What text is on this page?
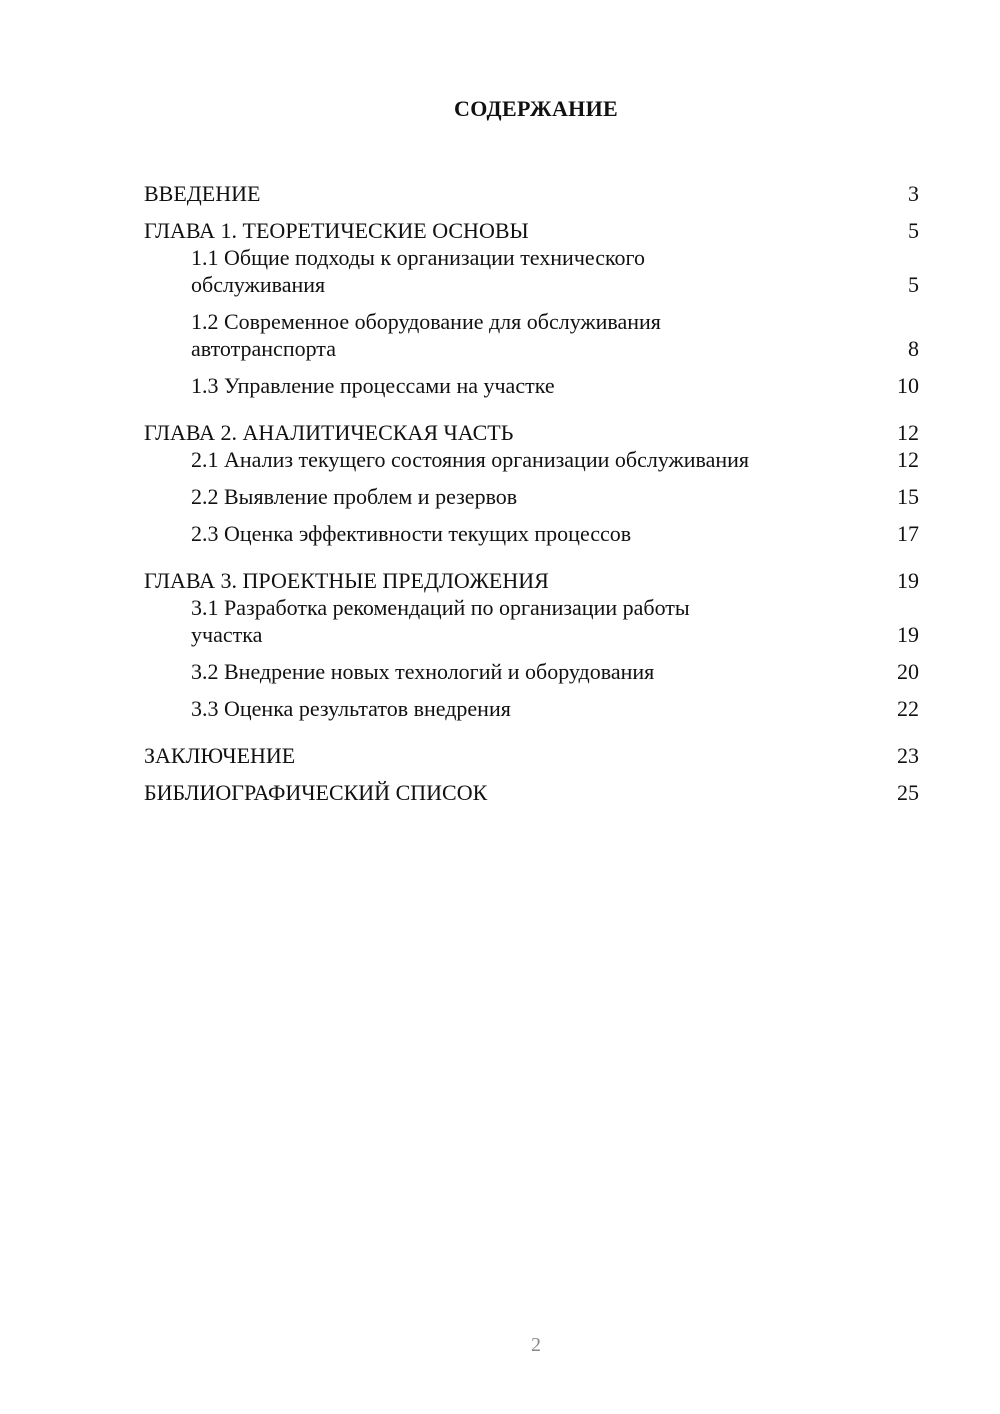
СОДЕРЖАНИЕ
ВВЕДЕНИЕ	3
ГЛАВА 1. ТЕОРЕТИЧЕСКИЕ ОСНОВЫ	5
1.1 Общие подходы к организации технического обслуживания	5
1.2 Современное оборудование для обслуживания автотранспорта	8
1.3 Управление процессами на участке	10
ГЛАВА 2. АНАЛИТИЧЕСКАЯ ЧАСТЬ	12
2.1 Анализ текущего состояния организации обслуживания	12
2.2 Выявление проблем и резервов	15
2.3 Оценка эффективности текущих процессов	17
ГЛАВА 3. ПРОЕКТНЫЕ ПРЕДЛОЖЕНИЯ	19
3.1 Разработка рекомендаций по организации работы участка	19
3.2 Внедрение новых технологий и оборудования	20
3.3 Оценка результатов внедрения	22
ЗАКЛЮЧЕНИЕ	23
БИБЛИОГРАФИЧЕСКИЙ СПИСОК	25
2
